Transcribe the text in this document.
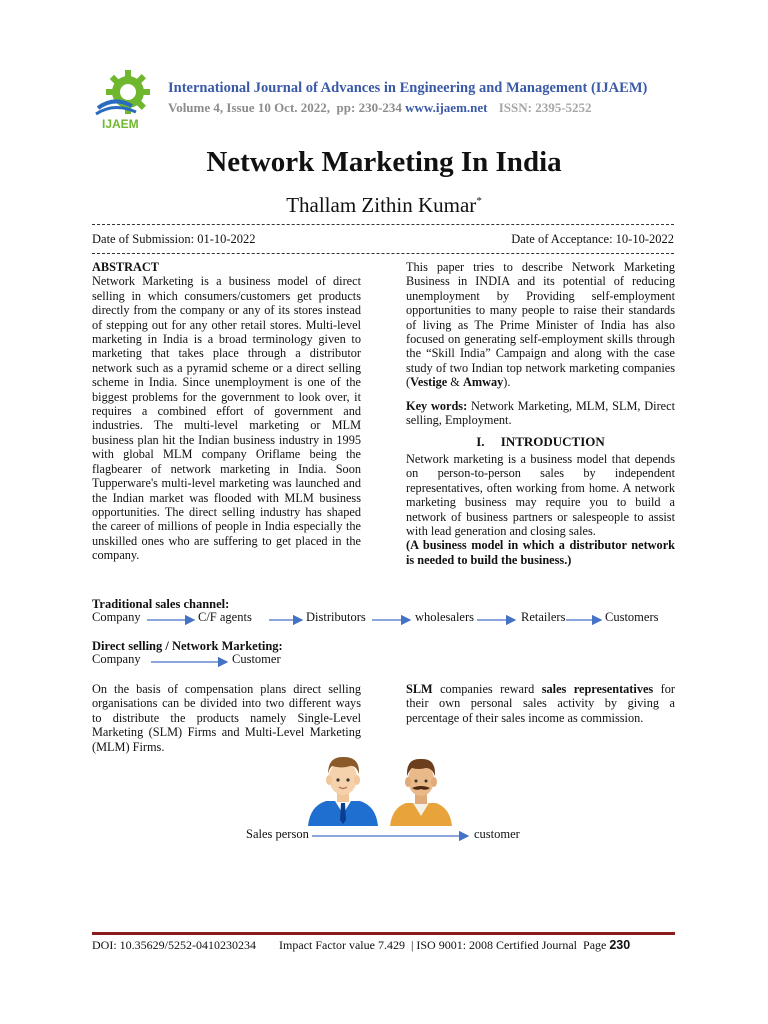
IJAEM
International Journal of Advances in Engineering and Management (IJAEM)
Volume 4, Issue 10 Oct. 2022, pp: 230-234 www.ijaem.net ISSN: 2395-5252
Network Marketing In India
Thallam Zithin Kumar*
Date of Submission: 01-10-2022	Date of Acceptance: 10-10-2022
ABSTRACT
Network Marketing is a business model of direct selling in which consumers/customers get products directly from the company or any of its stores instead of stepping out for any other retail stores. Multi-level marketing in India is a broad terminology given to marketing that takes place through a distributor network such as a pyramid scheme or a direct selling scheme in India. Since unemployment is one of the biggest problems for the government to look over, it requires a combined effort of government and industries. The multi-level marketing or MLM business plan hit the Indian business industry in 1995 with global MLM company Oriflame being the flagbearer of network marketing in India. Soon Tupperware's multi-level marketing was launched and the Indian market was flooded with MLM business opportunities. The direct selling industry has shaped the career of millions of people in India especially the unskilled ones who are suffering to get placed in the company.
This paper tries to describe Network Marketing Business in INDIA and its potential of reducing unemployment by Providing self-employment opportunities to many people to raise their standards of living as The Prime Minister of India has also focused on generating self-employment skills through the “Skill India” Campaign and along with the case study of two Indian top network marketing companies (Vestige & Amway).
Key words: Network Marketing, MLM, SLM, Direct selling, Employment.
I. INTRODUCTION
Network marketing is a business model that depends on person-to-person sales by independent representatives, often working from home. A network marketing business may require you to build a network of business partners or salespeople to assist with lead generation and closing sales.
(A business model in which a distributor network is needed to build the business.)
Traditional sales channel:
Company	C/F agents	Distributors	wholesalers	Retailers	Customers
Direct selling / Network Marketing:
Company	Customer
On the basis of compensation plans direct selling organisations can be divided into two different ways to distribute the products namely Single-Level Marketing (SLM) Firms and Multi-Level Marketing (MLM) Firms.
SLM companies reward sales representatives for their own personal sales activity by giving a percentage of their sales income as commission.
Sales person	customer
DOI: 10.35629/5252-0410230234 Impact Factor value 7.429 | ISO 9001: 2008 Certified Journal Page 230
